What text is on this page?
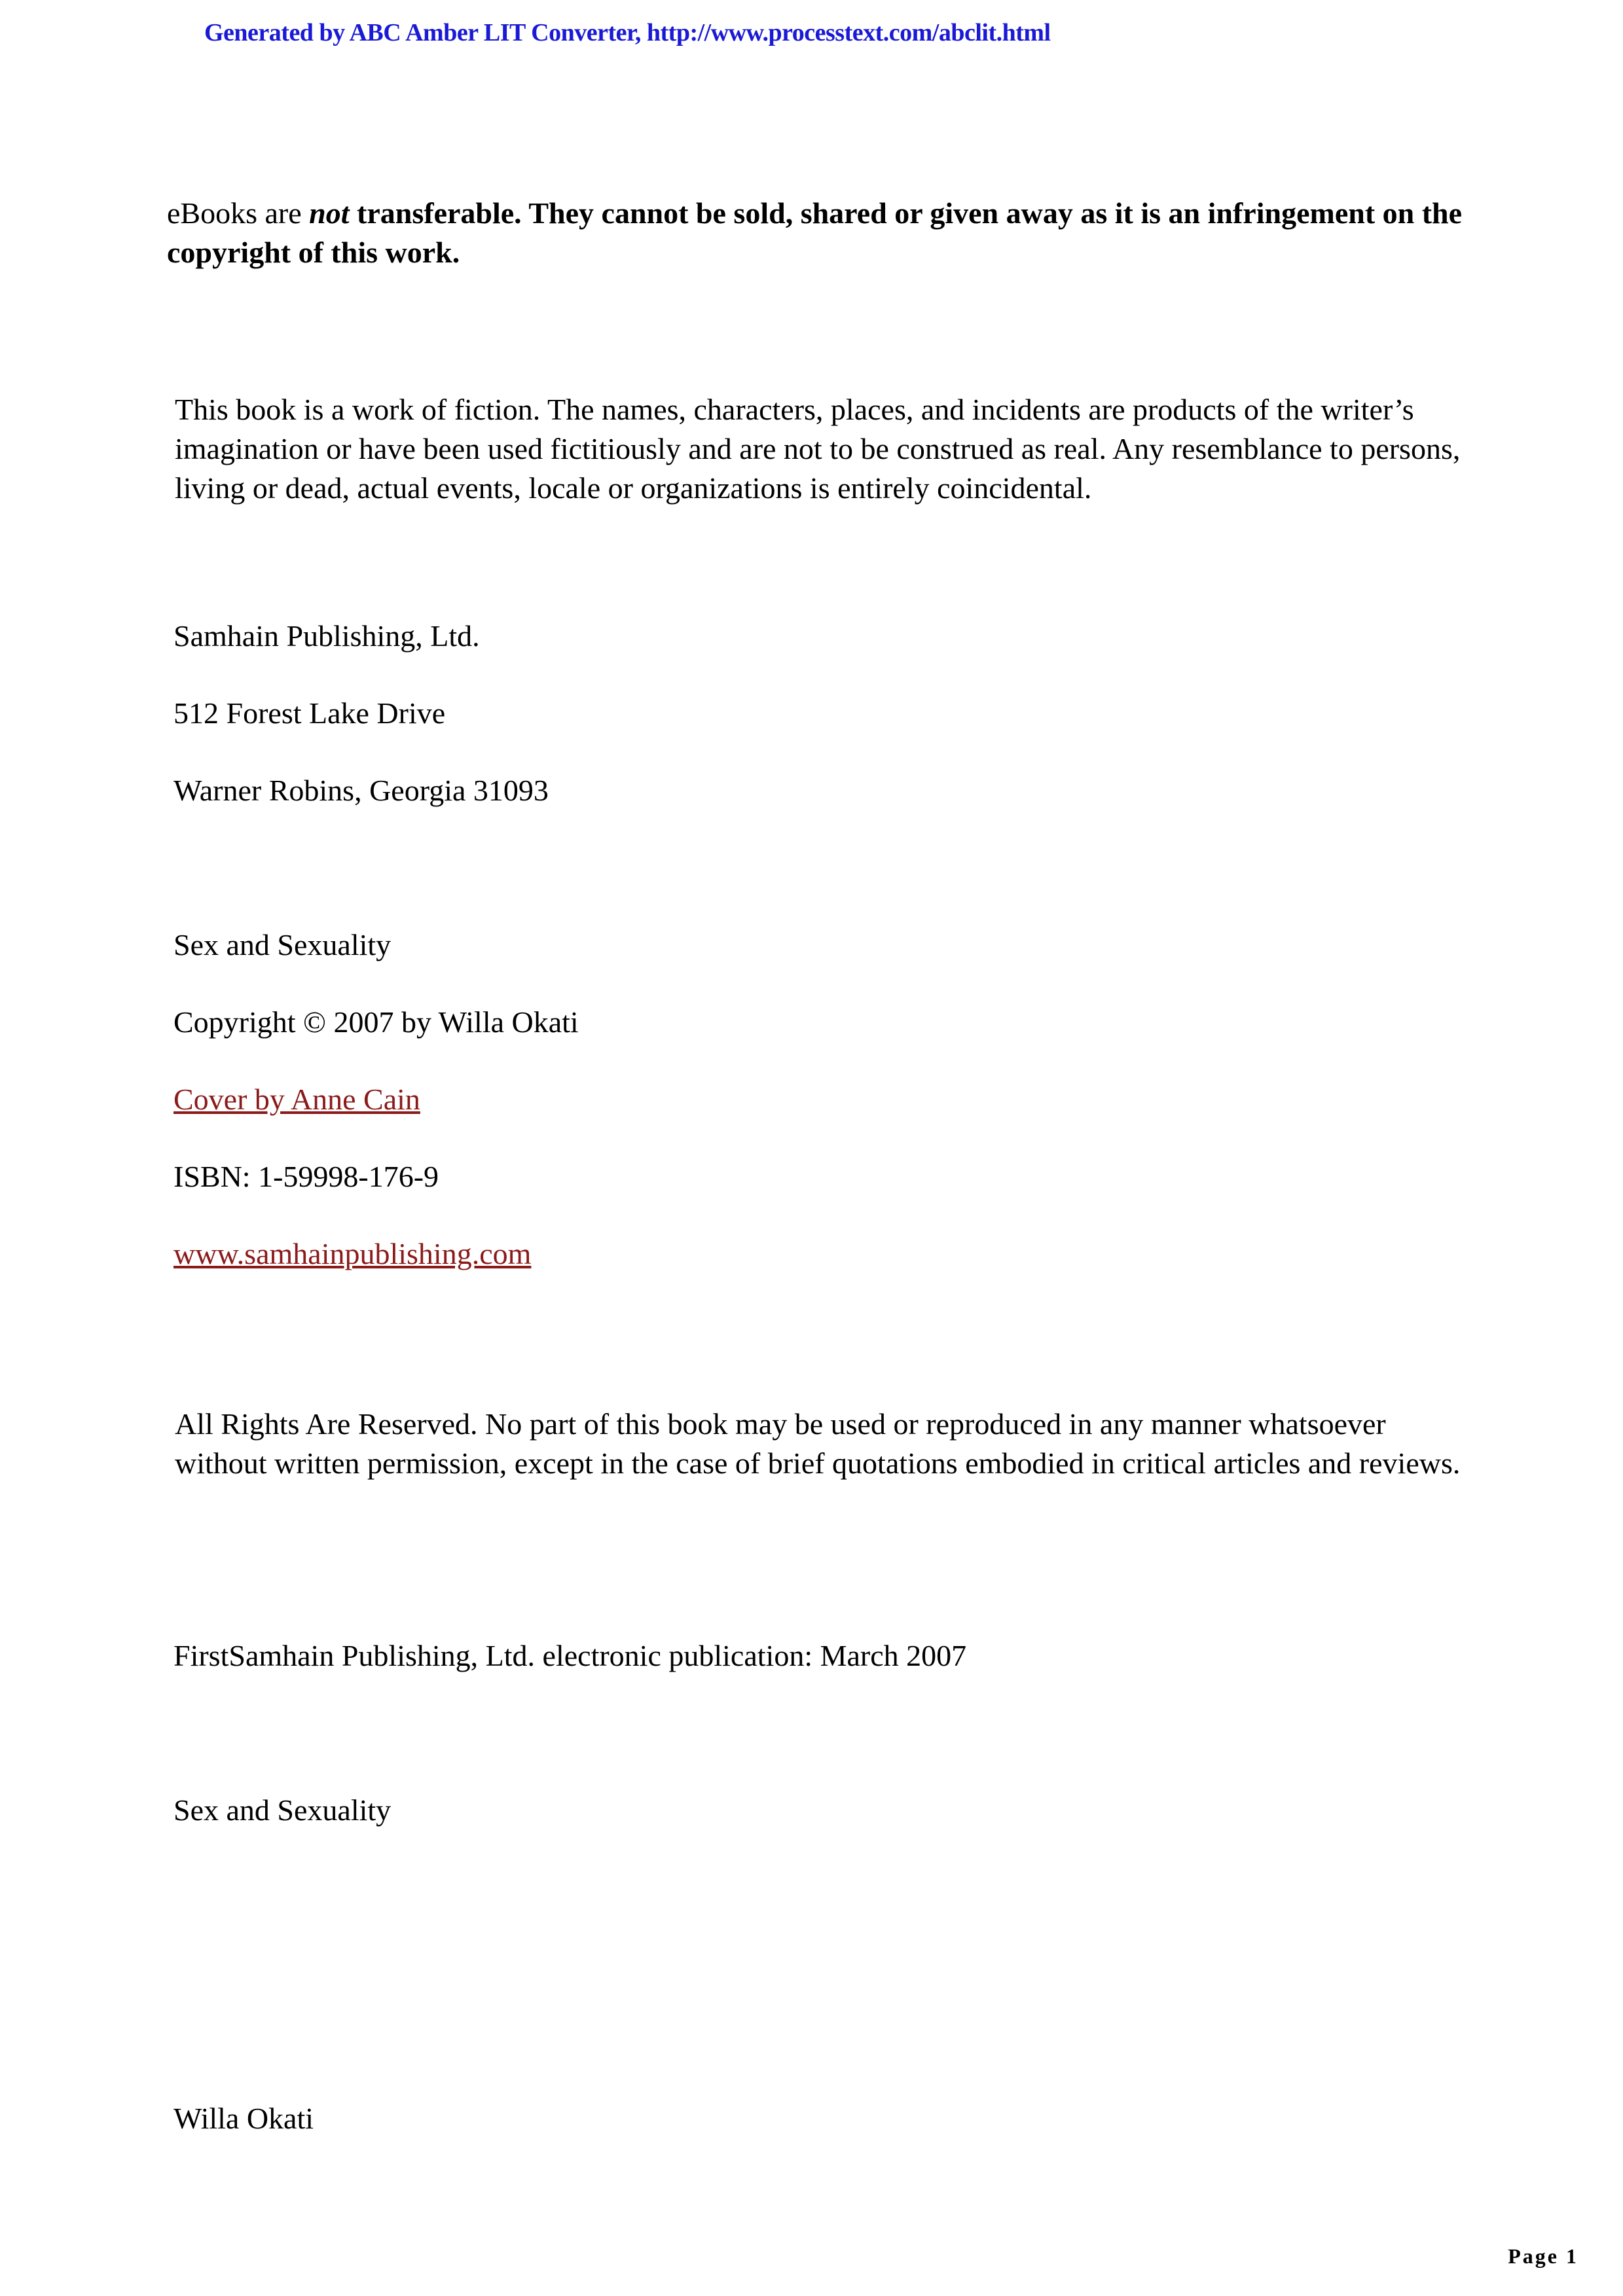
Generated by ABC Amber LIT Converter, http://www.processtext.com/abclit.html
eBooks are not transferable. They cannot be sold, shared or given away as it is an infringement on the copyright of this work.
This book is a work of fiction. The names, characters, places, and incidents are products of the writer’s imagination or have been used fictitiously and are not to be construed as real. Any resemblance to persons, living or dead, actual events, locale or organizations is entirely coincidental.
Samhain Publishing, Ltd.
512 Forest Lake Drive
Warner Robins, Georgia 31093
Sex and Sexuality
Copyright © 2007 by Willa Okati
Cover by Anne Cain
ISBN: 1-59998-176-9
www.samhainpublishing.com
All Rights Are Reserved. No part of this book may be used or reproduced in any manner whatsoever without written permission, except in the case of brief quotations embodied in critical articles and reviews.
FirstSamhain Publishing, Ltd. electronic publication: March 2007
Sex and Sexuality
Willa Okati
Page 1
